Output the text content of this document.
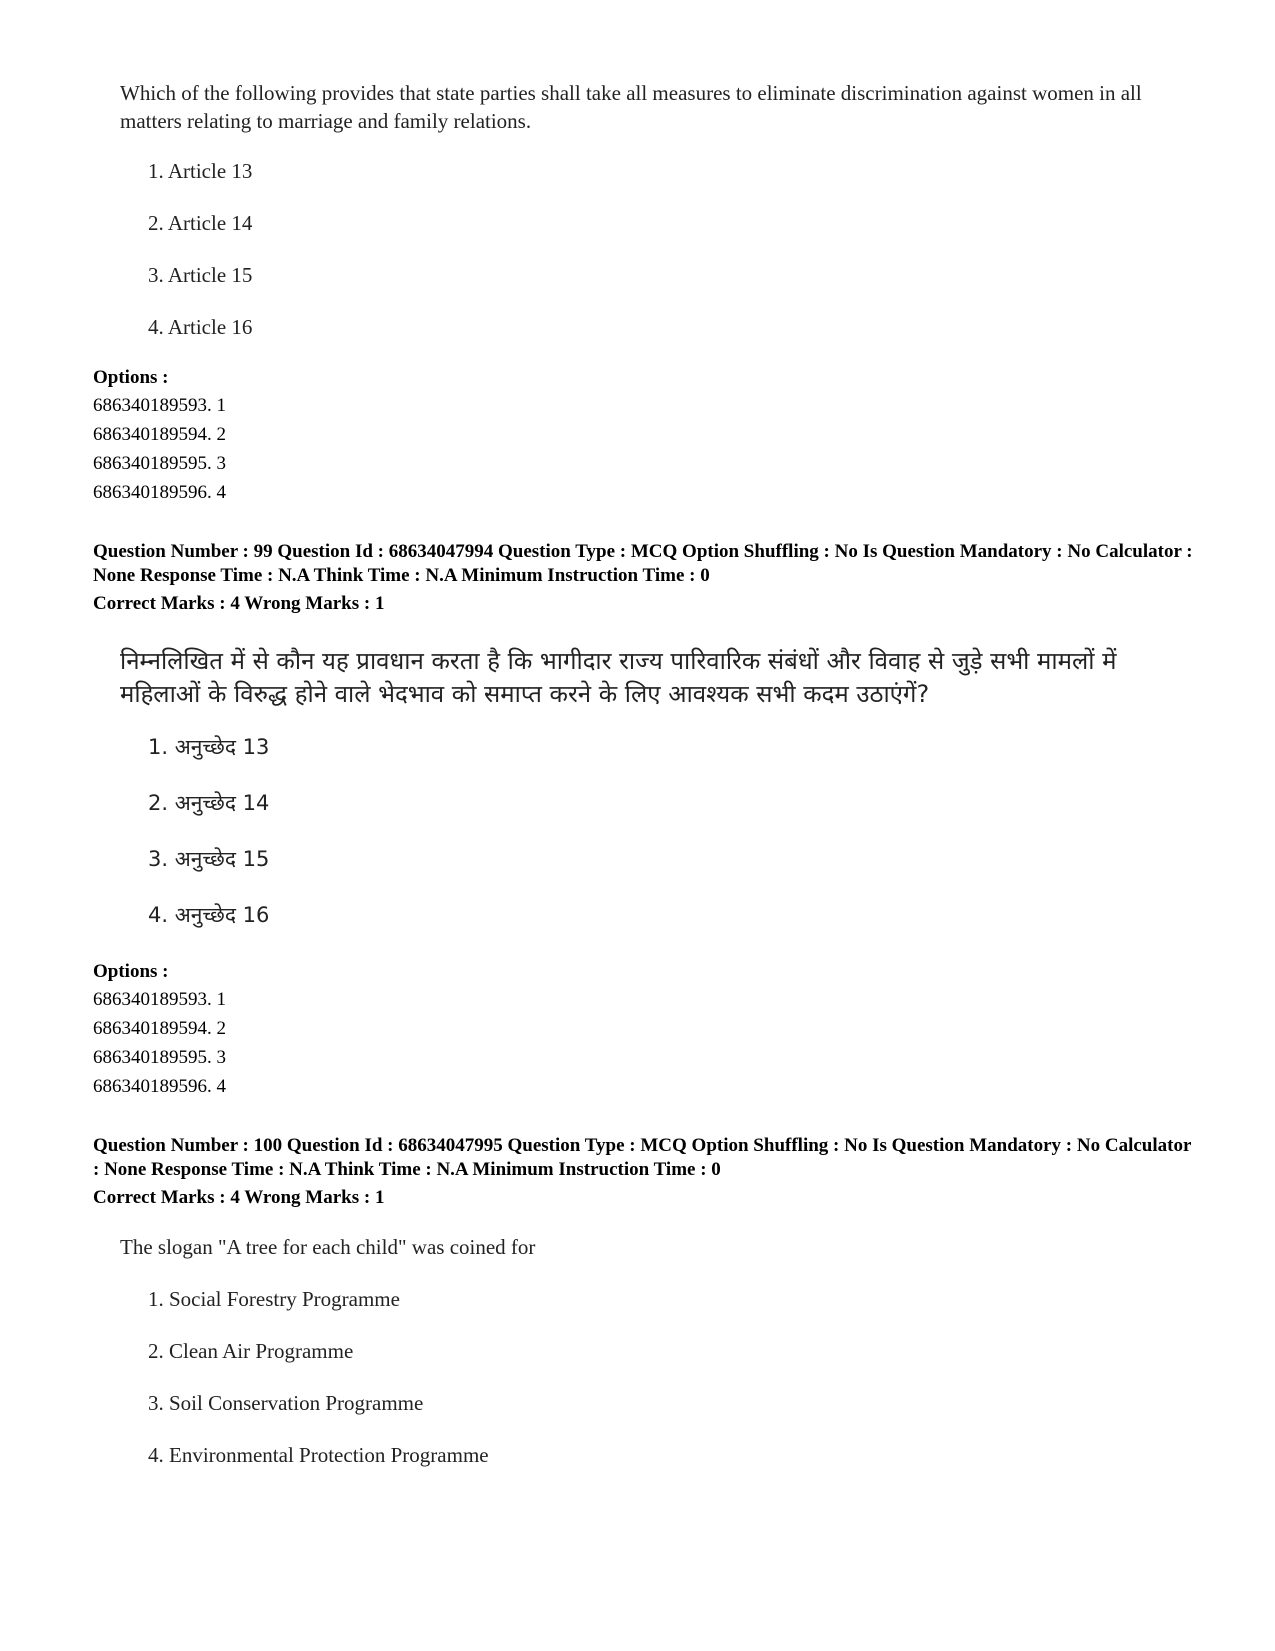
Which of the following provides that state parties shall take all measures to eliminate discrimination against women in all matters relating to marriage and family relations.
1. Article 13
2. Article 14
3. Article 15
4. Article 16
Options :
686340189593. 1
686340189594. 2
686340189595. 3
686340189596. 4
Question Number : 99 Question Id : 68634047994 Question Type : MCQ Option Shuffling : No Is Question Mandatory : No Calculator : None Response Time : N.A Think Time : N.A Minimum Instruction Time : 0
Correct Marks : 4 Wrong Marks : 1
निम्नलिखित में से कौन यह प्रावधान करता है कि भागीदार राज्य पारिवारिक संबंधों और विवाह से जुड़े सभी मामलों में महिलाओं के विरुद्ध होने वाले भेदभाव को समाप्त करने के लिए आवश्यक सभी कदम उठाएंगें?
1. अनुच्छेद 13
2. अनुच्छेद 14
3. अनुच्छेद 15
4. अनुच्छेद 16
Options :
686340189593. 1
686340189594. 2
686340189595. 3
686340189596. 4
Question Number : 100 Question Id : 68634047995 Question Type : MCQ Option Shuffling : No Is Question Mandatory : No Calculator : None Response Time : N.A Think Time : N.A Minimum Instruction Time : 0
Correct Marks : 4 Wrong Marks : 1
The slogan "A tree for each child" was coined for
1. Social Forestry Programme
2. Clean Air Programme
3. Soil Conservation Programme
4. Environmental Protection Programme
